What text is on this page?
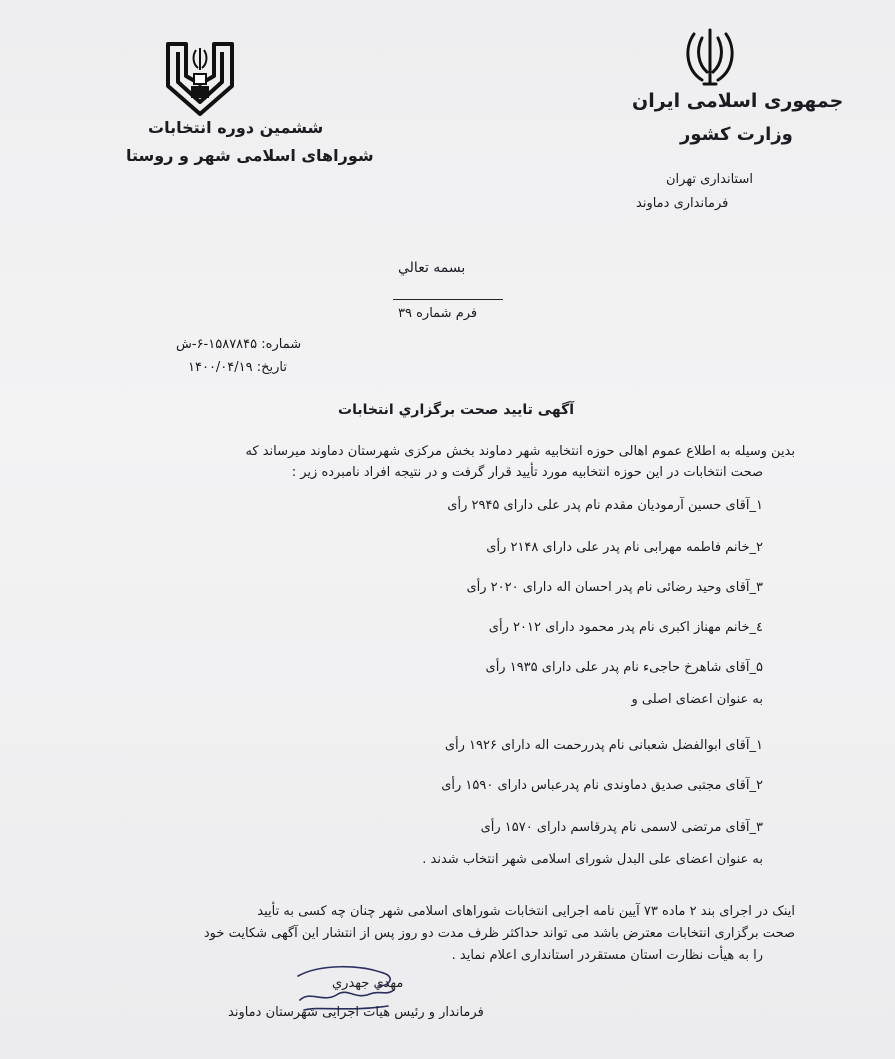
جمهوری اسلامی ایران
وزارت کشور
استانداری تهران
فرمانداری دماوند
ششمین دوره انتخابات
شوراهای اسلامی شهر و روستا
بسمه تعالي
فرم شماره ۳۹
شماره: ۱۵۸۷۸۴۵-۶-ش
تاریخ: ۱۴۰۰/۰۴/۱۹
آگهی تایید صحت برگزاري انتخابات
بدین وسیله به اطلاع عموم اهالی حوزه انتخابیه شهر دماوند بخش مرکزی شهرستان دماوند میرساند که
صحت انتخابات در این حوزه انتخابیه مورد تأیید قرار گرفت و در نتیجه افراد نامبرده زیر :
۱_آقای حسین آرمودیان مقدم نام پدر علی دارای ۲۹۴۵ رأی
۲_خانم فاطمه مهرابی نام پدر علی دارای ۲۱۴۸ رأی
۳_آقای وحید رضائی نام پدر احسان اله دارای ۲۰۲۰ رأی
٤_خانم مهناز اکبری نام پدر محمود دارای ۲۰۱۲ رأی
۵_آقای شاهرخ حاجی‌ء نام پدر علی دارای ۱۹۳۵ رأی
به عنوان اعضای اصلی و
۱_آقای ابوالفضل شعبانی نام پدررحمت اله دارای ۱۹۲۶ رأی
۲_آقای مجتبی صدیق دماوندی نام پدرعباس دارای ۱۵۹۰ رأی
۳_آقای مرتضی لاسمی نام پدرقاسم دارای ۱۵۷۰ رأی
به عنوان اعضای علی البدل شورای اسلامی شهر انتخاب شدند .
اینک در اجرای بند ۲ ماده ۷۳ آیین نامه اجرایی انتخابات شوراهای اسلامی شهر چنان چه کسی به تأیید
صحت برگزاری انتخابات معترض باشد می تواند حداکثر ظرف مدت دو روز پس از انتشار این آگهی شکایت خود
را به هیأت نظارت استان مستقردر استانداری اعلام نماید .
مهدي جهدري
فرماندار و رئیس هیات اجرایی شهرستان دماوند
